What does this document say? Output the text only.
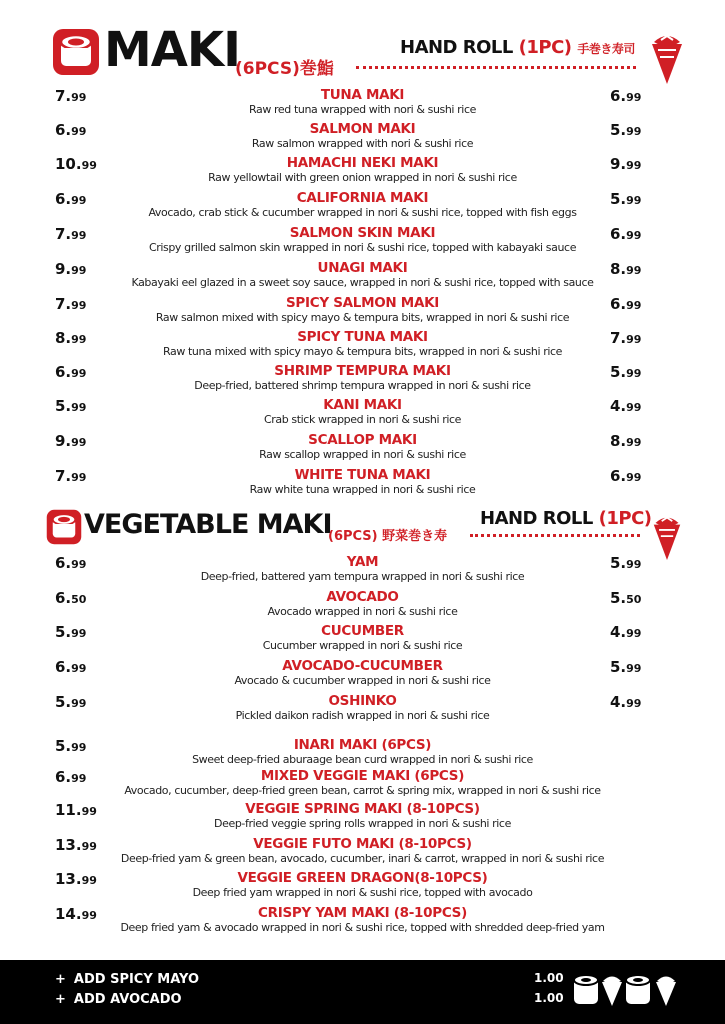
MAKI
(6PCS)巻鮨
HAND ROLL (1PC) 手巻き寿司
7.99	TUNA MAKI
Raw red tuna wrapped with nori & sushi rice
6.99
6.99	SALMON MAKI
Raw salmon wrapped with nori & sushi rice
5.99
10.99	HAMACHI NEKI MAKI
Raw yellowtail with green onion wrapped in nori & sushi rice
9.99
6.99	CALIFORNIA MAKI
Avocado, crab stick & cucumber wrapped in nori & sushi rice, topped with fish eggs
5.99
7.99	SALMON SKIN MAKI
Crispy grilled salmon skin wrapped in nori & sushi rice, topped with kabayaki sauce
6.99
9.99	UNAGI MAKI
Kabayaki eel glazed in a sweet soy sauce, wrapped in nori & sushi rice, topped with sauce
8.99
7.99	SPICY SALMON MAKI
Raw salmon mixed with spicy mayo & tempura bits, wrapped in nori & sushi rice
6.99
8.99	SPICY TUNA MAKI
Raw tuna mixed with spicy mayo & tempura bits, wrapped in nori & sushi rice
7.99
6.99	SHRIMP TEMPURA MAKI
Deep-fried, battered shrimp tempura wrapped in nori & sushi rice
5.99
5.99	KANI MAKI
Crab stick wrapped in nori & sushi rice
4.99
9.99	SCALLOP MAKI
Raw scallop wrapped in nori & sushi rice
8.99
7.99	WHITE TUNA MAKI
Raw white tuna wrapped in nori & sushi rice
6.99
VEGETABLE MAKI
(6PCS) 野菜巻き寿
HAND ROLL (1PC)
6.99	YAM
Deep-fried, battered yam tempura wrapped in nori & sushi rice
5.99
6.50	AVOCADO
Avocado wrapped in nori & sushi rice
5.50
5.99	CUCUMBER
Cucumber wrapped in nori & sushi rice
4.99
6.99	AVOCADO-CUCUMBER
Avocado & cucumber wrapped in nori & sushi rice
5.99
5.99	OSHINKO
Pickled daikon radish wrapped in nori & sushi rice
4.99
5.99	INARI MAKI (6PCS)
Sweet deep-fried aburaage bean curd wrapped in nori & sushi rice
6.99	MIXED VEGGIE MAKI (6PCS)
Avocado, cucumber, deep-fried green bean, carrot & spring mix, wrapped in nori & sushi rice
11.99	VEGGIE SPRING MAKI (8-10PCS)
Deep-fried veggie spring rolls wrapped in nori & sushi rice
13.99	VEGGIE FUTO MAKI (8-10PCS)
Deep-fried yam & green bean, avocado, cucumber, inari & carrot, wrapped in nori & sushi rice
13.99	VEGGIE GREEN DRAGON(8-10PCS)
Deep fried yam wrapped in nori & sushi rice, topped with avocado
14.99	CRISPY YAM MAKI (8-10PCS)
Deep fried yam & avocado wrapped in nori & sushi rice, topped with shredded deep-fried yam
+ ADD SPICY MAYO	1.00
+ ADD AVOCADO	1.00
